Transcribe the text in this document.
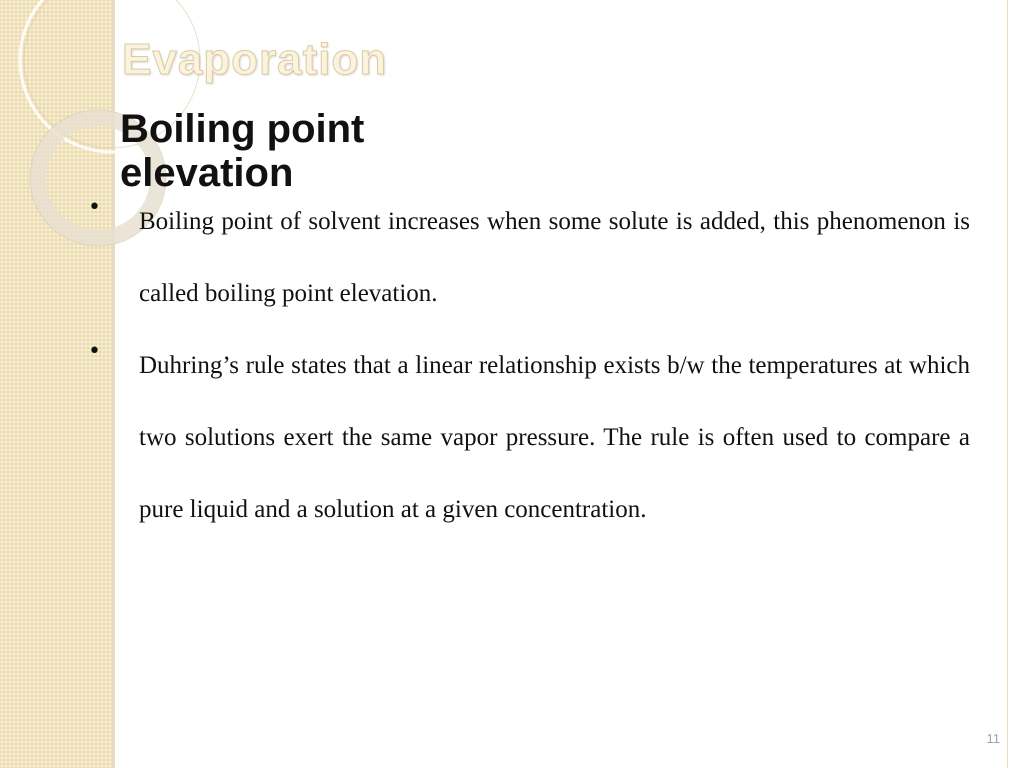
Evaporation
Boiling point elevation

•
Boiling point of solvent increases when some solute is added, this phenomenon is called boiling point elevation.

•
Duhring’s rule states that a linear relationship exists b/w the temperatures at which two solutions exert the same vapor pressure. The rule is often used to compare a pure liquid and a solution at a given concentration.

11
